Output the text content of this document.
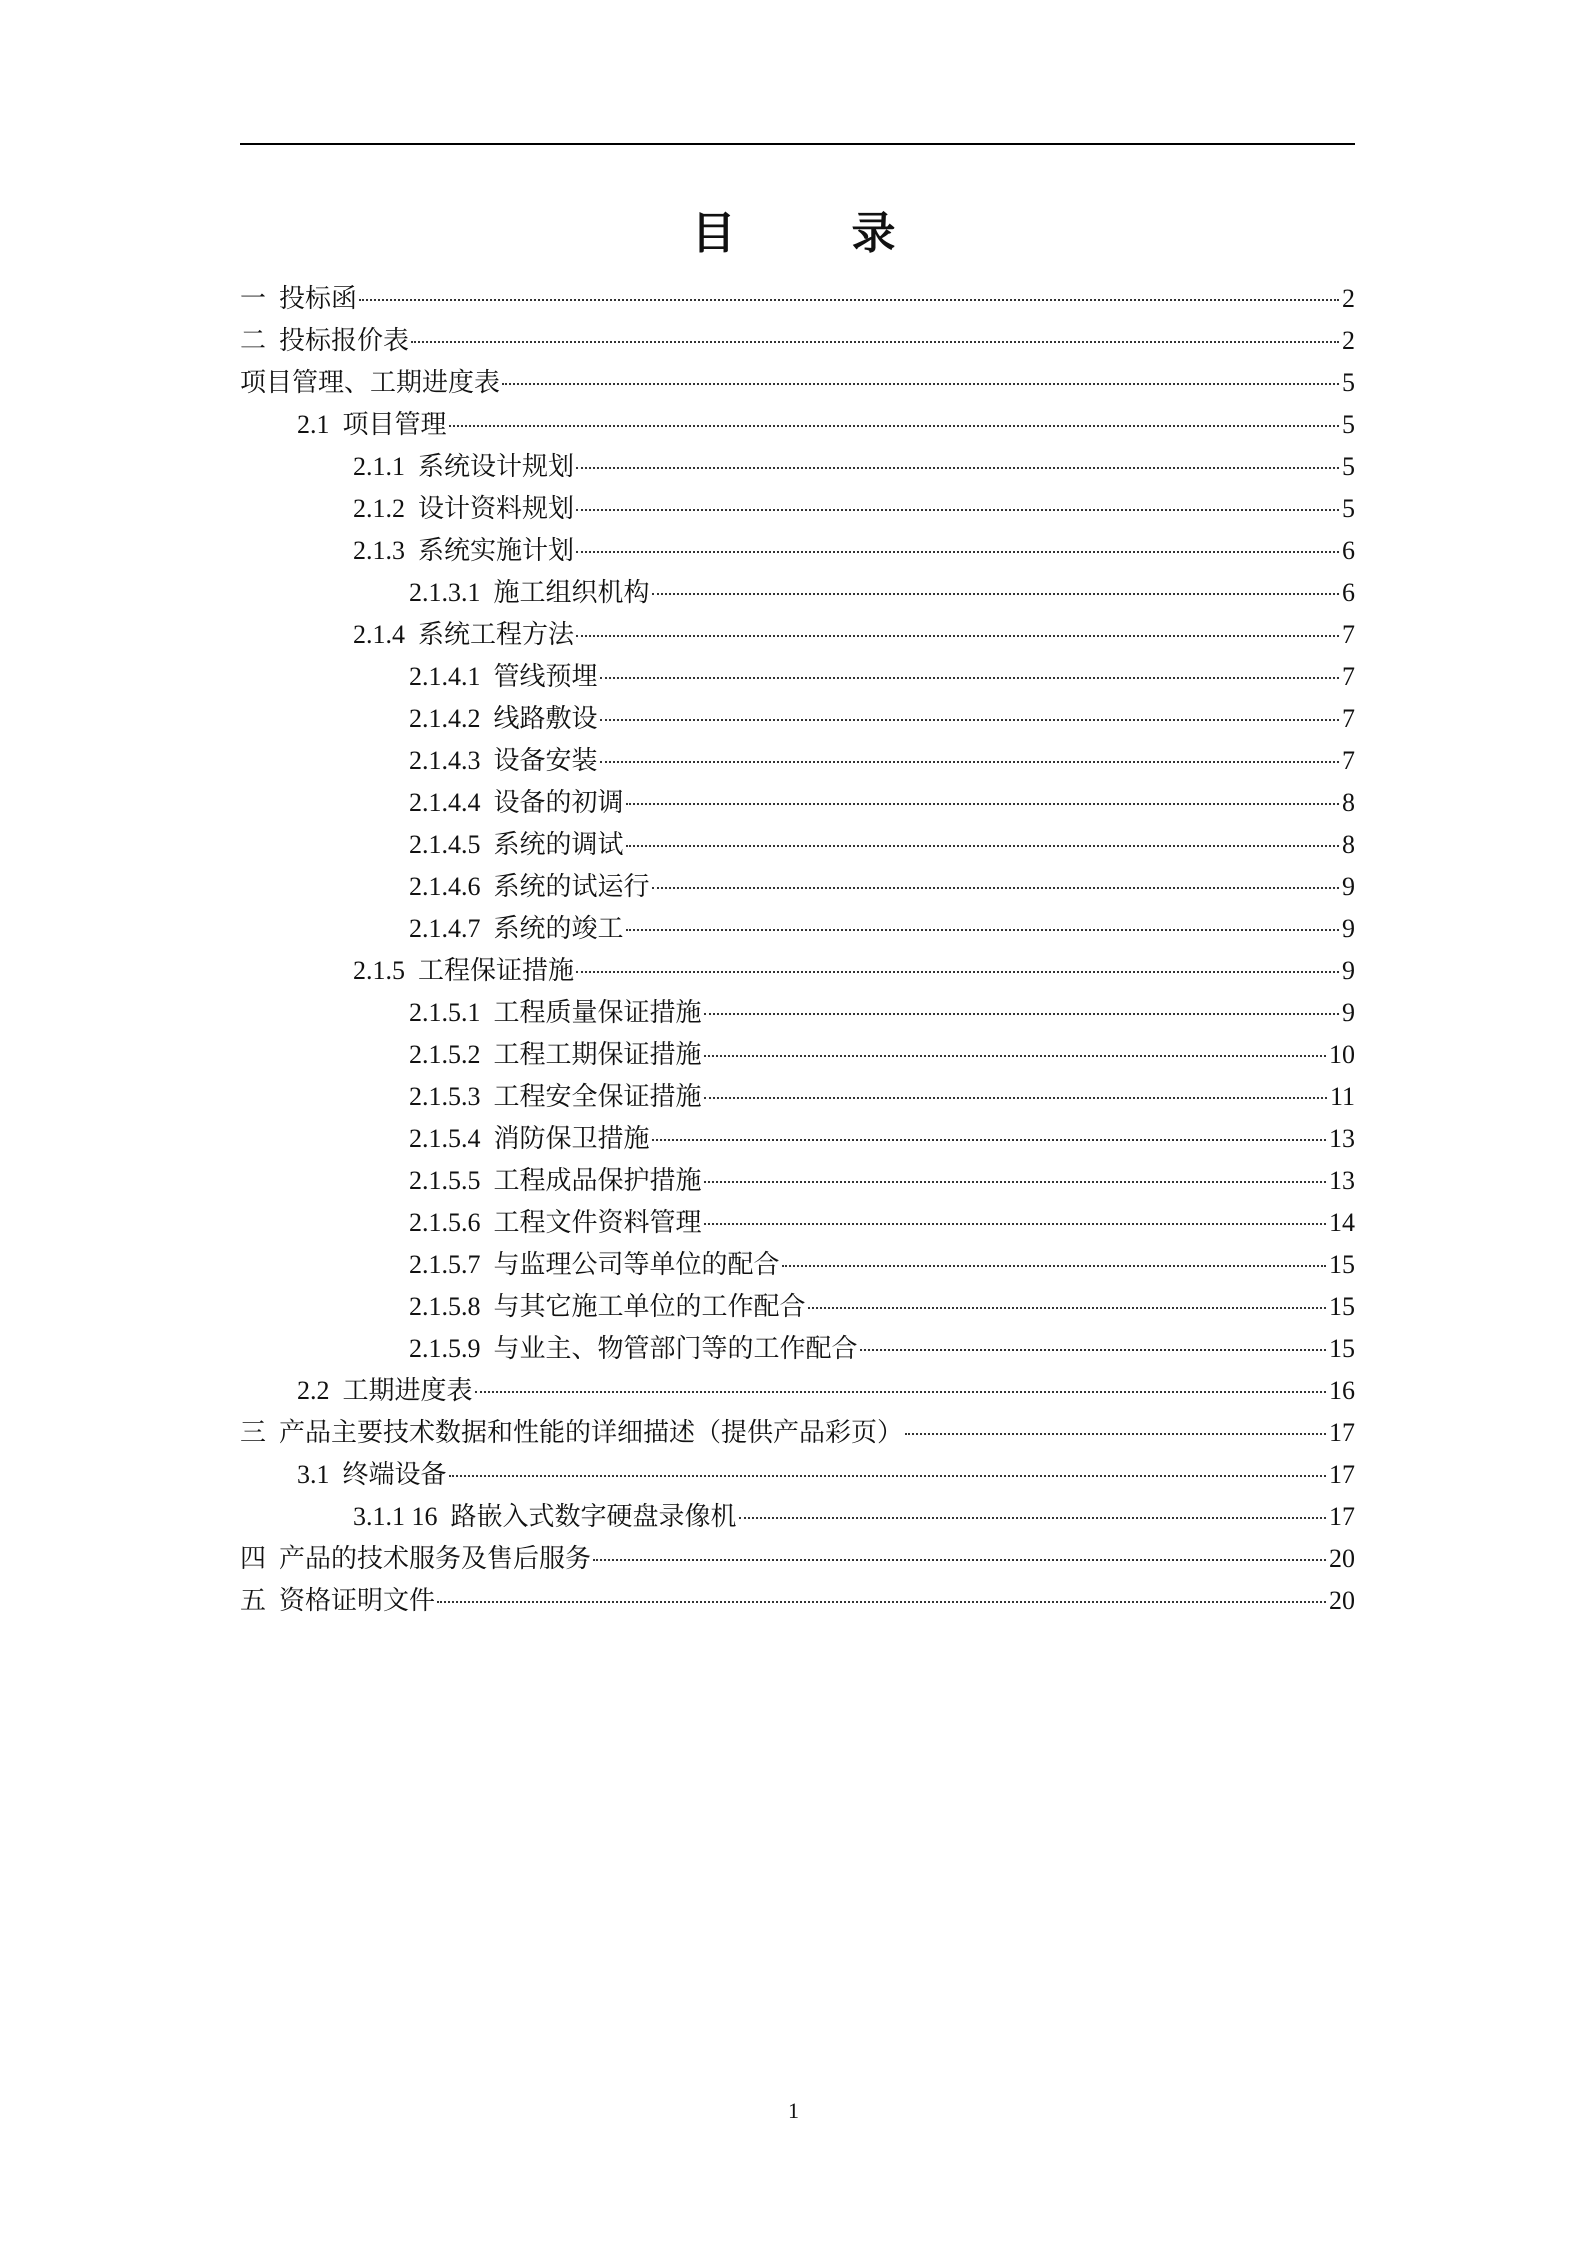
目　录
一 投标函	2
二 投标报价表	2
项目管理、工期进度表	5
2.1 项目管理	5
2.1.1 系统设计规划	5
2.1.2 设计资料规划	5
2.1.3 系统实施计划	6
2.1.3.1 施工组织机构	6
2.1.4 系统工程方法	7
2.1.4.1 管线预埋	7
2.1.4.2 线路敷设	7
2.1.4.3 设备安装	7
2.1.4.4 设备的初调	8
2.1.4.5 系统的调试	8
2.1.4.6 系统的试运行	9
2.1.4.7 系统的竣工	9
2.1.5 工程保证措施	9
2.1.5.1 工程质量保证措施	9
2.1.5.2 工程工期保证措施	10
2.1.5.3 工程安全保证措施	11
2.1.5.4 消防保卫措施	13
2.1.5.5 工程成品保护措施	13
2.1.5.6 工程文件资料管理	14
2.1.5.7 与监理公司等单位的配合	15
2.1.5.8 与其它施工单位的工作配合	15
2.1.5.9 与业主、物管部门等的工作配合	15
2.2 工期进度表	16
三 产品主要技术数据和性能的详细描述（提供产品彩页）	17
3.1 终端设备	17
3.1.1 16 路嵌入式数字硬盘录像机	17
四 产品的技术服务及售后服务	20
五 资格证明文件	20
1
